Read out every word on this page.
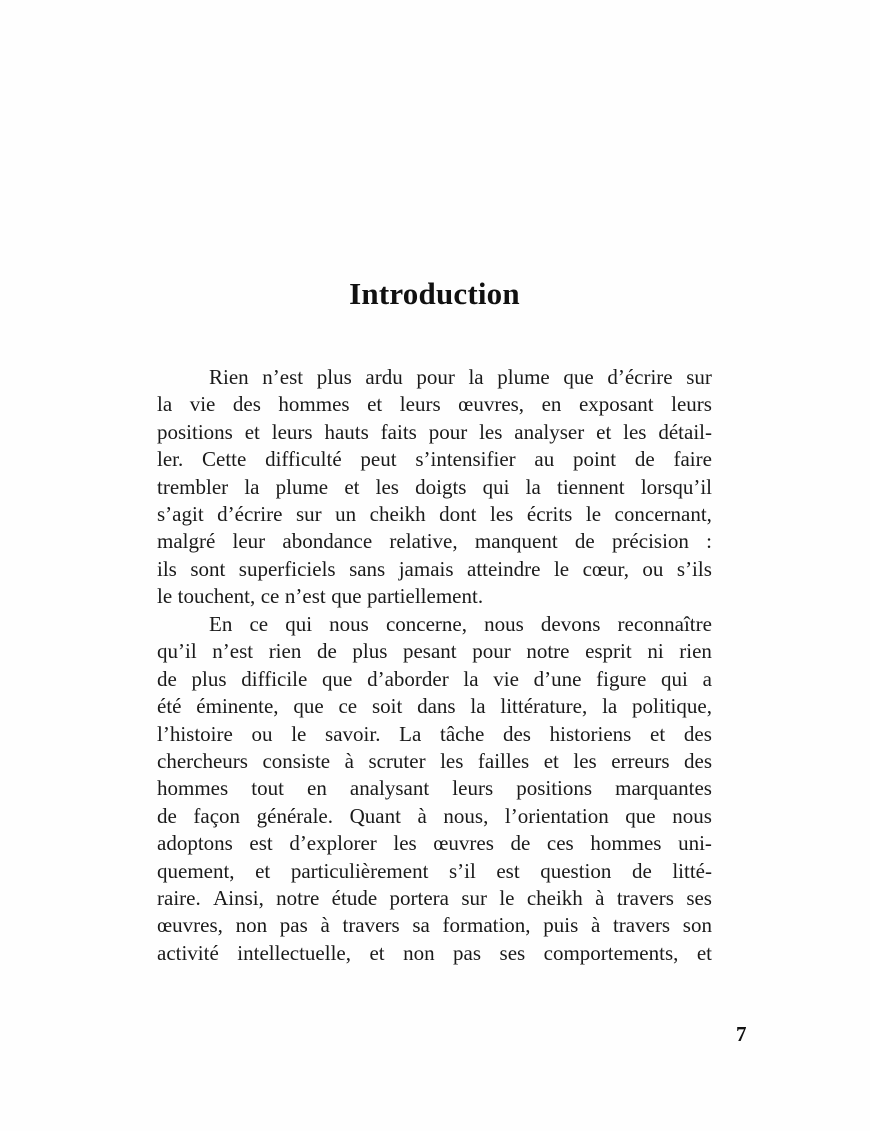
Introduction
Rien n’est plus ardu pour la plume que d’écrire sur
la vie des hommes et leurs œuvres, en exposant leurs
positions et leurs hauts faits pour les analyser et les détail-
ler. Cette difficulté peut s’intensifier au point de faire
trembler la plume et les doigts qui la tiennent lorsqu’il
s’agit d’écrire sur un cheikh dont les écrits le concernant,
malgré leur abondance relative, manquent de précision :
ils sont superficiels sans jamais atteindre le cœur, ou s’ils
le touchent, ce n’est que partiellement.
En ce qui nous concerne, nous devons reconnaître
qu’il n’est rien de plus pesant pour notre esprit ni rien
de plus difficile que d’aborder la vie d’une figure qui a
été éminente, que ce soit dans la littérature, la politique,
l’histoire ou le savoir. La tâche des historiens et des
chercheurs consiste à scruter les failles et les erreurs des
hommes tout en analysant leurs positions marquantes
de façon générale. Quant à nous, l’orientation que nous
adoptons est d’explorer les œuvres de ces hommes uni-
quement, et particulièrement s’il est question de litté-
raire. Ainsi, notre étude portera sur le cheikh à travers ses
œuvres, non pas à travers sa formation, puis à travers son
activité intellectuelle, et non pas ses comportements, et
7
